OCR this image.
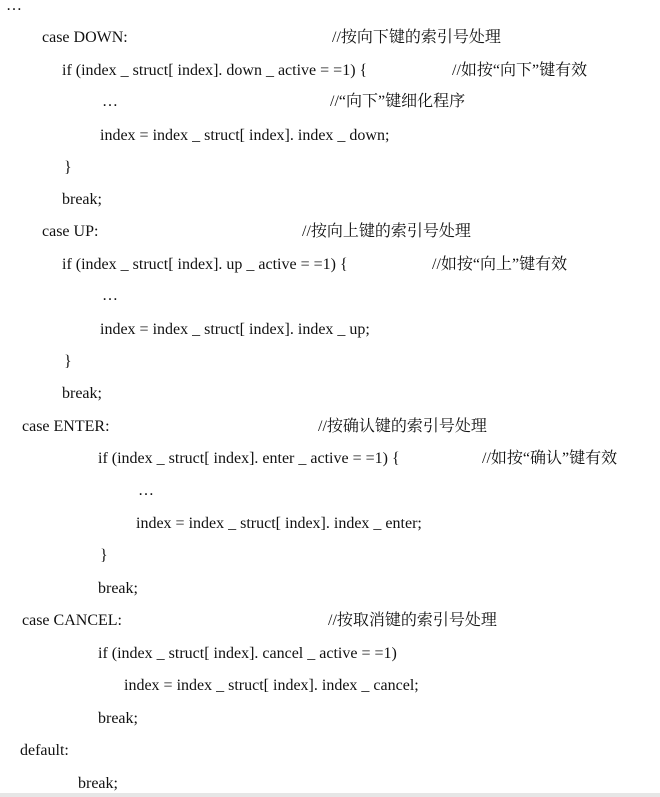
…
case DOWN:
if (index _ struct[ index]. down _ active = =1) {
…
index = index _ struct[ index]. index _ down;
}
break;
case UP:
if (index _ struct[ index]. up _ active = =1) {
…
index = index _ struct[ index]. index _ up;
}
break;
case ENTER:
if (index _ struct[ index]. enter _ active = =1) {
…
index = index _ struct[ index]. index _ enter;
}
break;
case CANCEL:
if (index _ struct[ index]. cancel _ active = =1)
index = index _ struct[ index]. index _ cancel;
break;
default:
break;
//按向下键的索引号处理
//如按“向下”键有效
//“向下”键细化程序
//按向上键的索引号处理
//如按“向上”键有效
//按确认键的索引号处理
//如按“确认”键有效
//按取消键的索引号处理
